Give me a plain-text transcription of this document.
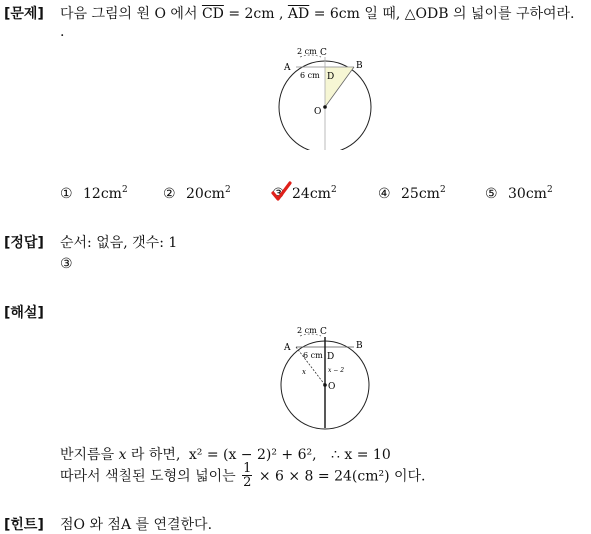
[문제] 다음 그림의 원 O 에서 $\overline{CD} = 2cm$ , $\overline{AD} = 6cm$ 일 때, △ODB 의 넓이를 구하여라.
.
2 cm
6 cm
C
A	B
D
O
① $12cm^2$	② $20cm^2$	③ $24cm^2$	④ $25cm^2$	⑤ $30cm^2$
[정답] 순서: 없음, 갯수: 1
③
[해설]
2 cm
6 cm
C
A	B
D
O
x	x − 2
반지름을 x 라 하면, x² = (x − 2)² + 6², ∴ x = 10
따라서 색칠된 도형의 넓이는 $\frac{1}{2} \times 6 \times 8 = 24(cm^2)$ 이다.
[힌트] 점O 와 점A 를 연결한다.
